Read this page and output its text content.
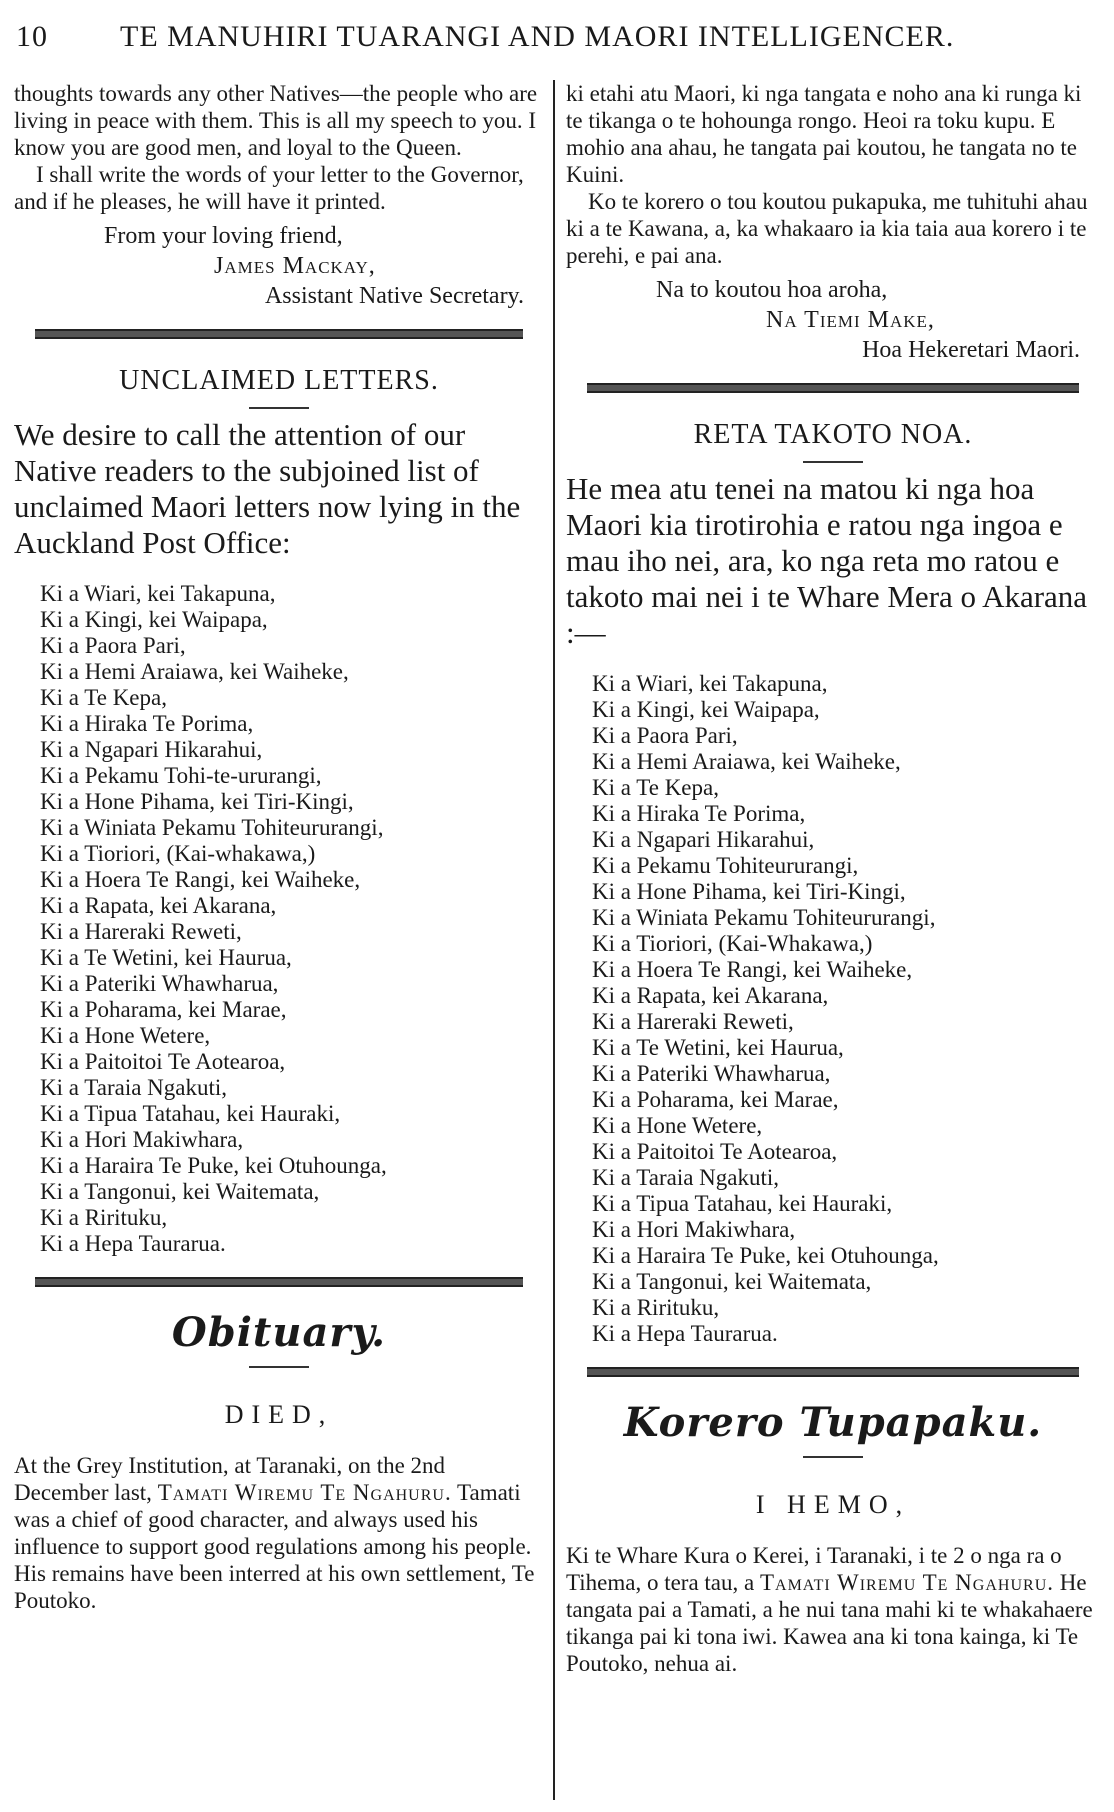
10 TE MANUHIRI TUARANGI AND MAORI INTELLIGENCER.

thoughts towards any other Natives—the people who are living in peace with them. This is all my speech to you. I know you are good men, and loyal to the Queen.

I shall write the words of your letter to the Governor, and if he pleases, he will have it printed.

From your loving friend,
James Mackay,
Assistant Native Secretary.
UNCLAIMED LETTERS.

We desire to call the attention of our Native readers to the subjoined list of unclaimed Maori letters now lying in the Auckland Post Office:

Ki a Wiari, kei Takapuna,
Ki a Kingi, kei Waipapa,
Ki a Paora Pari,
Ki a Hemi Araiawa, kei Waiheke,
Ki a Te Kepa,
Ki a Hiraka Te Porima,
Ki a Ngapari Hikarahui,
Ki a Pekamu Tohi-te-ururangi,
Ki a Hone Pihama, kei Tiri-Kingi,
Ki a Winiata Pekamu Tohiteururangi,
Ki a Tioriori, (Kai-whakawa,)
Ki a Hoera Te Rangi, kei Waiheke,
Ki a Rapata, kei Akarana,
Ki a Hareraki Reweti,
Ki a Te Wetini, kei Haurua,
Ki a Pateriki Whawharua,
Ki a Poharama, kei Marae,
Ki a Hone Wetere,
Ki a Paitoitoi Te Aotearoa,
Ki a Taraia Ngakuti,
Ki a Tipua Tatahau, kei Hauraki,
Ki a Hori Makiwhara,
Ki a Haraira Te Puke, kei Otuhounga,
Ki a Tangonui, kei Waitemata,
Ki a Rirituku,
Ki a Hepa Taurarua.
Obituary.
DIED,

At the Grey Institution, at Taranaki, on the 2nd December last, Tamati Wiremu Te Ngahuru. Tamati was a chief of good character, and always used his influence to support good regulations among his people. His remains have been interred at his own settlement, Te Poutoko.

ki etahi atu Maori, ki nga tangata e noho ana ki runga ki te tikanga o te hohounga rongo. Heoi ra toku kupu. E mohio ana ahau, he tangata pai koutou, he tangata no te Kuini.

Ko te korero o tou koutou pukapuka, me tuhituhi ahau ki a te Kawana, a, ka whakaaro ia kia taia aua korero i te perehi, e pai ana.

Na to koutou hoa aroha,
Na Tiemi Make,
Hoa Hekeretari Maori.
RETA TAKOTO NOA.

He mea atu tenei na matou ki nga hoa Maori kia tirotirohia e ratou nga ingoa e mau iho nei, ara, ko nga reta mo ratou e takoto mai nei i te Whare Mera o Akarana :—

Ki a Wiari, kei Takapuna,
Ki a Kingi, kei Waipapa,
Ki a Paora Pari,
Ki a Hemi Araiawa, kei Waiheke,
Ki a Te Kepa,
Ki a Hiraka Te Porima,
Ki a Ngapari Hikarahui,
Ki a Pekamu Tohiteururangi,
Ki a Hone Pihama, kei Tiri-Kingi,
Ki a Winiata Pekamu Tohiteururangi,
Ki a Tioriori, (Kai-Whakawa,)
Ki a Hoera Te Rangi, kei Waiheke,
Ki a Rapata, kei Akarana,
Ki a Hareraki Reweti,
Ki a Te Wetini, kei Haurua,
Ki a Pateriki Whawharua,
Ki a Poharama, kei Marae,
Ki a Hone Wetere,
Ki a Paitoitoi Te Aotearoa,
Ki a Taraia Ngakuti,
Ki a Tipua Tatahau, kei Hauraki,
Ki a Hori Makiwhara,
Ki a Haraira Te Puke, kei Otuhounga,
Ki a Tangonui, kei Waitemata,
Ki a Rirituku,
Ki a Hepa Taurarua.
Korero Tupapaku.
I HEMO,

Ki te Whare Kura o Kerei, i Taranaki, i te 2 o nga ra o Tihema, o tera tau, a Tamati Wiremu Te Ngahuru. He tangata pai a Tamati, a he nui tana mahi ki te whakahaere tikanga pai ki tona iwi. Kawea ana ki tona kainga, ki Te Poutoko, nehua ai.
